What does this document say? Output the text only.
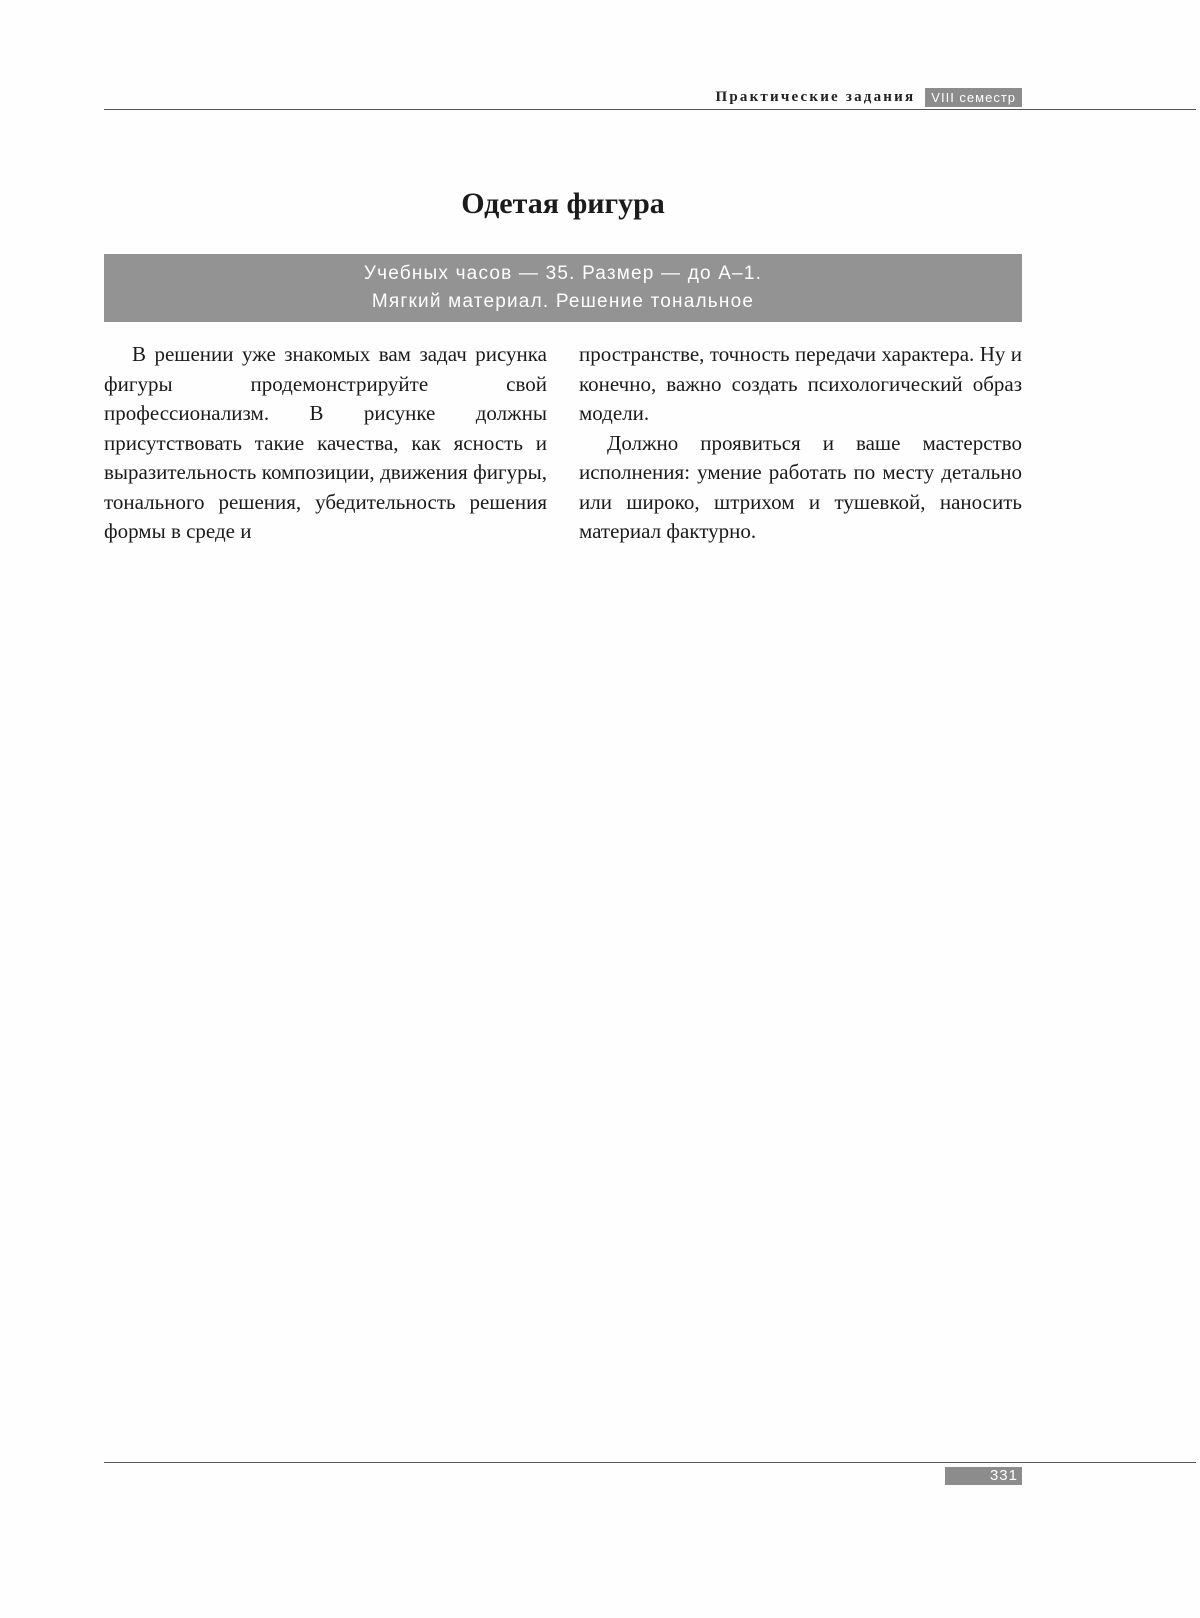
Практические задания	VIII семестр
Одетая фигура
Учебных часов — 35. Размер — до А–1.
Мягкий материал. Решение тональное

В решении уже знакомых вам задач рисунка фигуры продемонстрируйте свой профессионализм. В рисунке должны присутствовать такие качества, как ясность и выразительность композиции, движения фигуры, тонального решения, убедительность решения формы в среде и

пространстве, точность передачи характера. Ну и конечно, важно создать психологический образ модели.

Должно проявиться и ваше мастерство исполнения: умение работать по месту детально или широко, штрихом и тушевкой, наносить материал фактурно.

331
